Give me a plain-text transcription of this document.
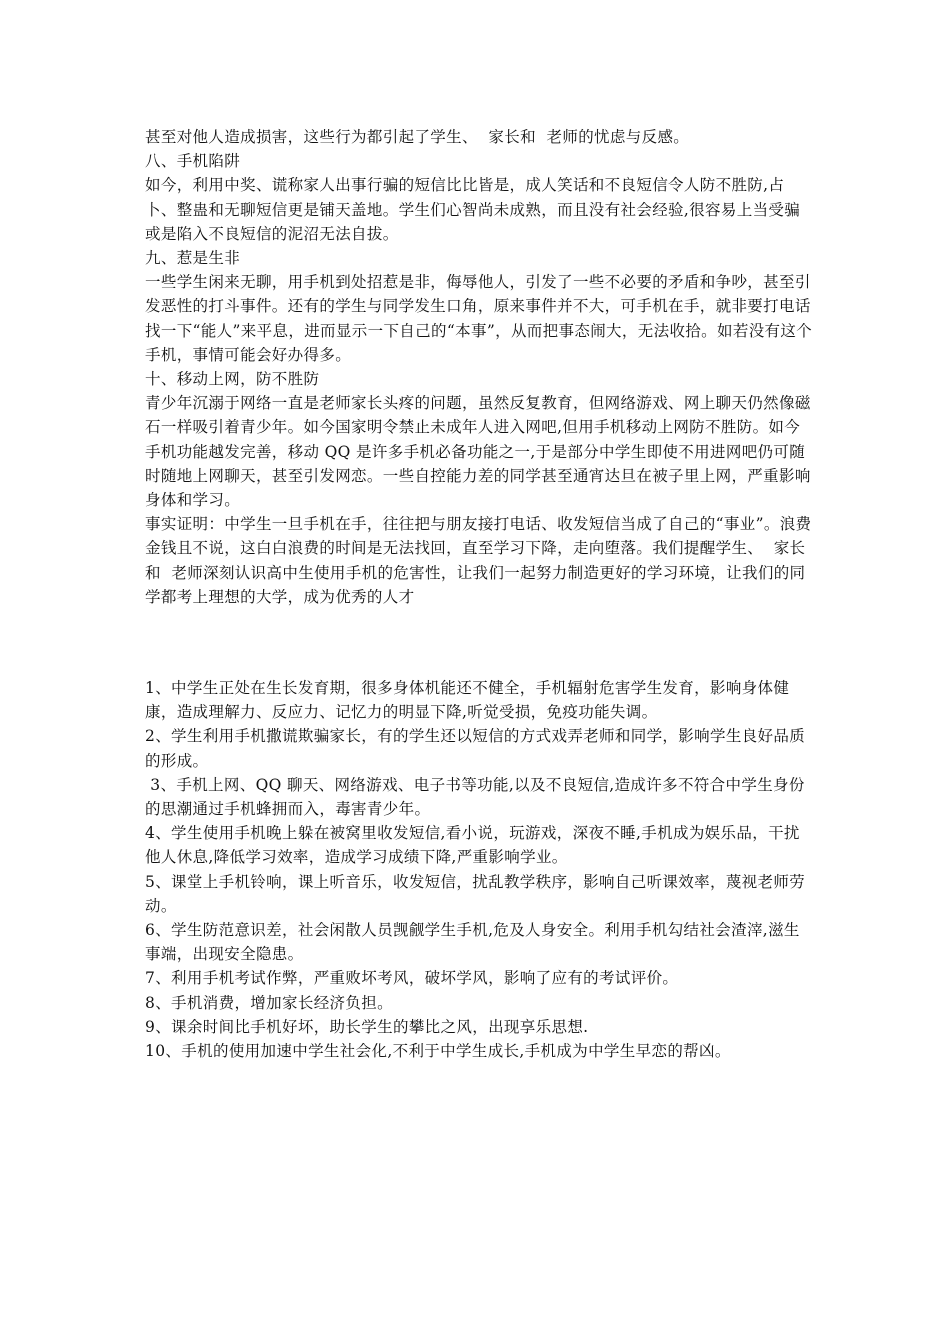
甚至对他人造成损害，这些行为都引起了学生、  家长和  老师的忧虑与反感。

八、手机陷阱

如今，利用中奖、谎称家人出事行骗的短信比比皆是，成人笑话和不良短信令人防不胜防,占卜、整蛊和无聊短信更是铺天盖地。学生们心智尚未成熟，而且没有社会经验,很容易上当受骗或是陷入不良短信的泥沼无法自拔。

九、惹是生非

一些学生闲来无聊，用手机到处招惹是非，侮辱他人，引发了一些不必要的矛盾和争吵，甚至引发恶性的打斗事件。还有的学生与同学发生口角，原来事件并不大，可手机在手，就非要打电话找一下“能人”来平息，进而显示一下自己的“本事”，从而把事态闹大，无法收拾。如若没有这个手机，事情可能会好办得多。

十、移动上网，防不胜防

青少年沉溺于网络一直是老师家长头疼的问题，虽然反复教育，但网络游戏、网上聊天仍然像磁石一样吸引着青少年。如今国家明令禁止未成年人进入网吧,但用手机移动上网防不胜防。如今手机功能越发完善，移动 QQ 是许多手机必备功能之一,于是部分中学生即使不用进网吧仍可随时随地上网聊天，甚至引发网恋。一些自控能力差的同学甚至通宵达旦在被子里上网，严重影响身体和学习。

事实证明：中学生一旦手机在手，往往把与朋友接打电话、收发短信当成了自己的“事业”。浪费金钱且不说，这白白浪费的时间是无法找回，直至学习下降，走向堕落。我们提醒学生、  家长和  老师深刻认识高中生使用手机的危害性，让我们一起努力制造更好的学习环境，让我们的同学都考上理想的大学，成为优秀的人才

1、中学生正处在生长发育期，很多身体机能还不健全，手机辐射危害学生发育，影响身体健康，造成理解力、反应力、记忆力的明显下降,听觉受损，免疫功能失调。

2、学生利用手机撒谎欺骗家长，有的学生还以短信的方式戏弄老师和同学，影响学生良好品质的形成。

3、手机上网、QQ 聊天、网络游戏、电子书等功能,以及不良短信,造成许多不符合中学生身份的思潮通过手机蜂拥而入，毒害青少年。

4、学生使用手机晚上躲在被窝里收发短信,看小说，玩游戏，深夜不睡,手机成为娱乐品，干扰他人休息,降低学习效率，造成学习成绩下降,严重影响学业。

5、课堂上手机铃响，课上听音乐，收发短信，扰乱教学秩序，影响自己听课效率，蔑视老师劳动。

6、学生防范意识差，社会闲散人员觊觎学生手机,危及人身安全。利用手机勾结社会渣滓,滋生事端，出现安全隐患。

7、利用手机考试作弊，严重败坏考风，破坏学风，影响了应有的考试评价。

8、手机消费，增加家长经济负担。

9、课余时间比手机好坏，助长学生的攀比之风，出现享乐思想.

10、手机的使用加速中学生社会化,不利于中学生成长,手机成为中学生早恋的帮凶。
